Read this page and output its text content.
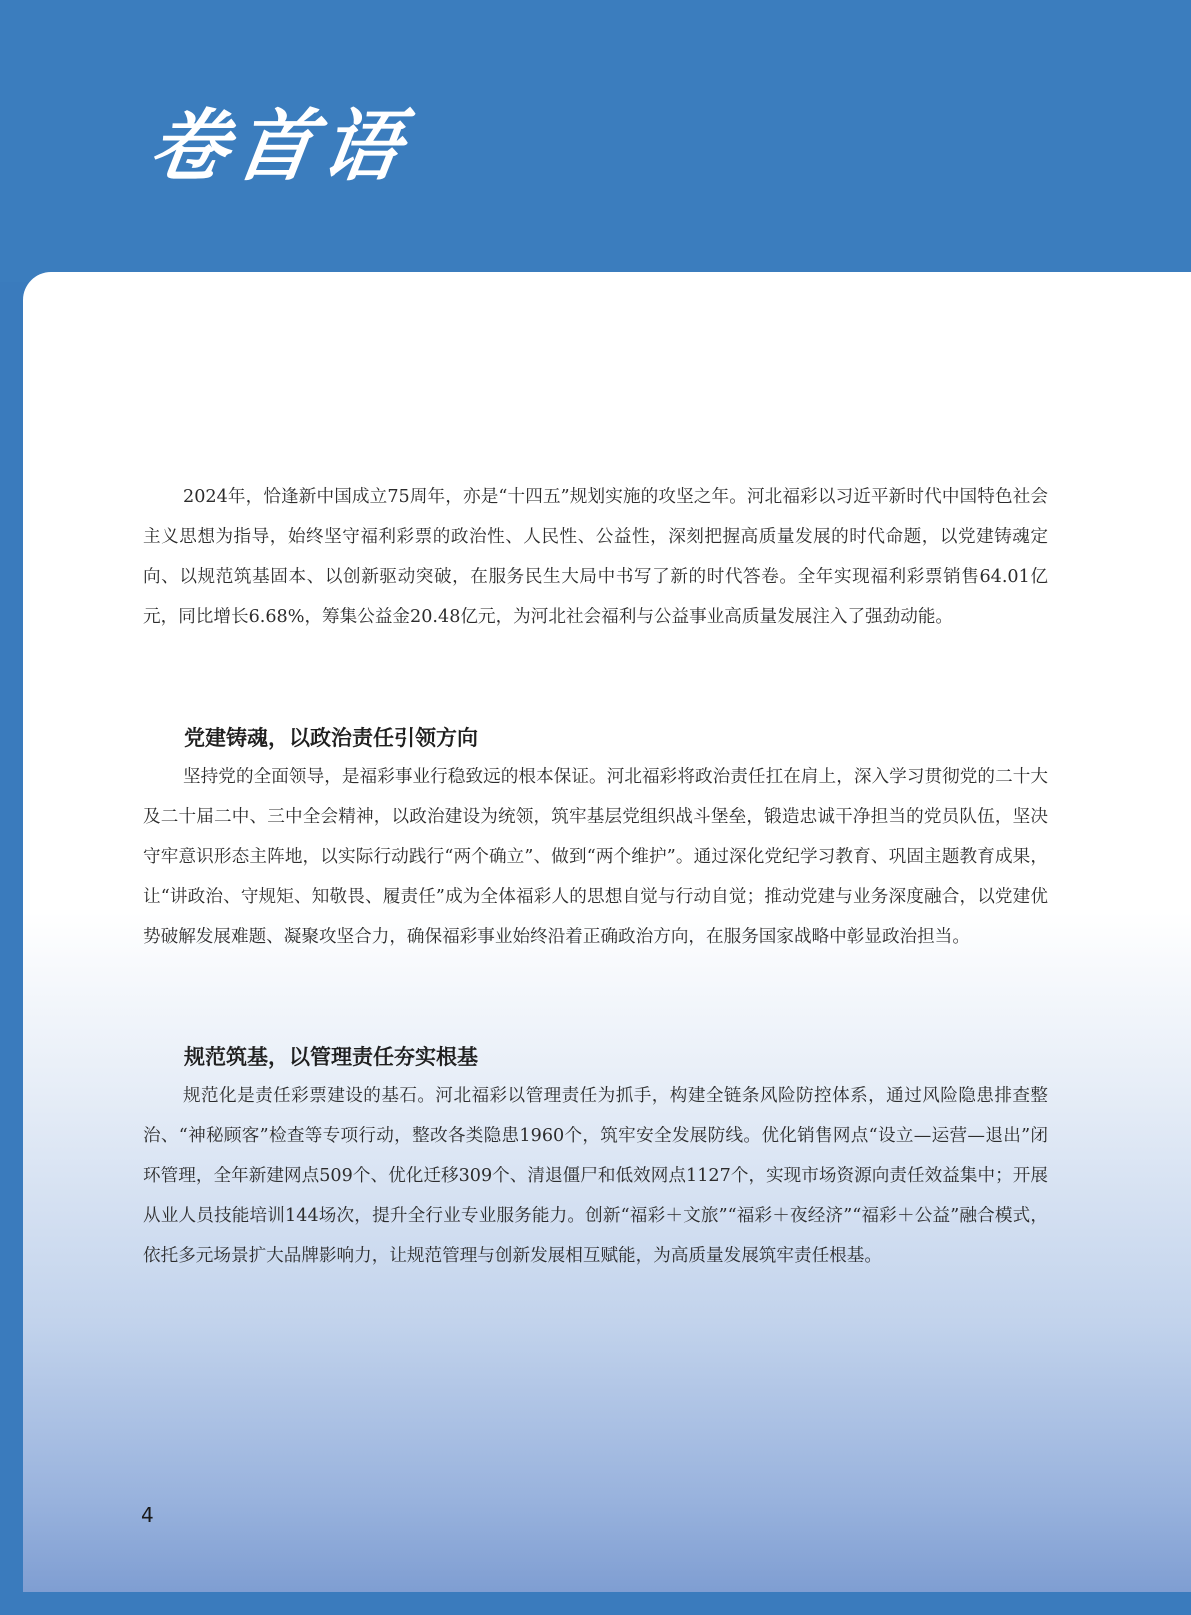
卷首语

2024年，恰逢新中国成立75周年，亦是“十四五”规划实施的攻坚之年。河北福彩以习近平新时代中国特色社会主义思想为指导，始终坚守福利彩票的政治性、人民性、公益性，深刻把握高质量发展的时代命题，以党建铸魂定向、以规范筑基固本、以创新驱动突破，在服务民生大局中书写了新的时代答卷。全年实现福利彩票销售64.01亿元，同比增长6.68%，筹集公益金20.48亿元，为河北社会福利与公益事业高质量发展注入了强劲动能。

党建铸魂，以政治责任引领方向

坚持党的全面领导，是福彩事业行稳致远的根本保证。河北福彩将政治责任扛在肩上，深入学习贯彻党的二十大及二十届二中、三中全会精神，以政治建设为统领，筑牢基层党组织战斗堡垒，锻造忠诚干净担当的党员队伍，坚决守牢意识形态主阵地，以实际行动践行“两个确立”、做到“两个维护”。通过深化党纪学习教育、巩固主题教育成果，让“讲政治、守规矩、知敬畏、履责任”成为全体福彩人的思想自觉与行动自觉；推动党建与业务深度融合，以党建优势破解发展难题、凝聚攻坚合力，确保福彩事业始终沿着正确政治方向，在服务国家战略中彰显政治担当。

规范筑基，以管理责任夯实根基

规范化是责任彩票建设的基石。河北福彩以管理责任为抓手，构建全链条风险防控体系，通过风险隐患排查整治、“神秘顾客”检查等专项行动，整改各类隐患1960个，筑牢安全发展防线。优化销售网点“设立—运营—退出”闭环管理，全年新建网点509个、优化迁移309个、清退僵尸和低效网点1127个，实现市场资源向责任效益集中；开展从业人员技能培训144场次，提升全行业专业服务能力。创新“福彩＋文旅”“福彩＋夜经济”“福彩＋公益”融合模式，依托多元场景扩大品牌影响力，让规范管理与创新发展相互赋能，为高质量发展筑牢责任根基。

4
